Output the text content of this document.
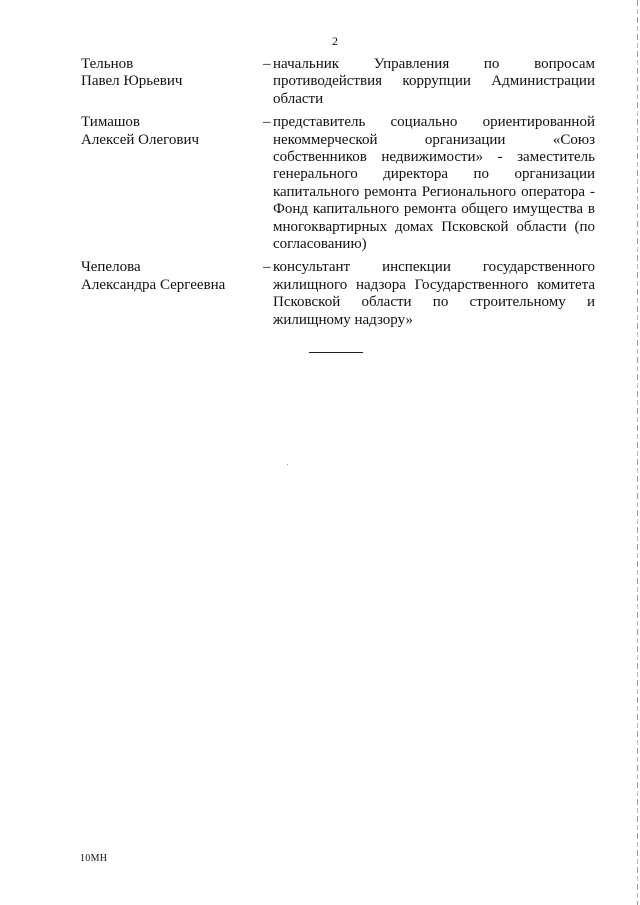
2
Тельнов
Павел Юрьевич
– начальник Управления по вопросам противодействия коррупции Администрации области
Тимашов
Алексей Олегович
– представитель социально ориентированной некоммерческой организации «Союз собственников недвижимости» - заместитель генерального директора по организации капитального ремонта Регионального оператора - Фонд капитального ремонта общего имущества в многоквартирных домах Псковской области (по согласованию)
Чепелова
Александра Сергеевна
– консультант инспекции государственного жилищного надзора Государственного комитета Псковской области по строительному и жилищному надзору»
10МН
